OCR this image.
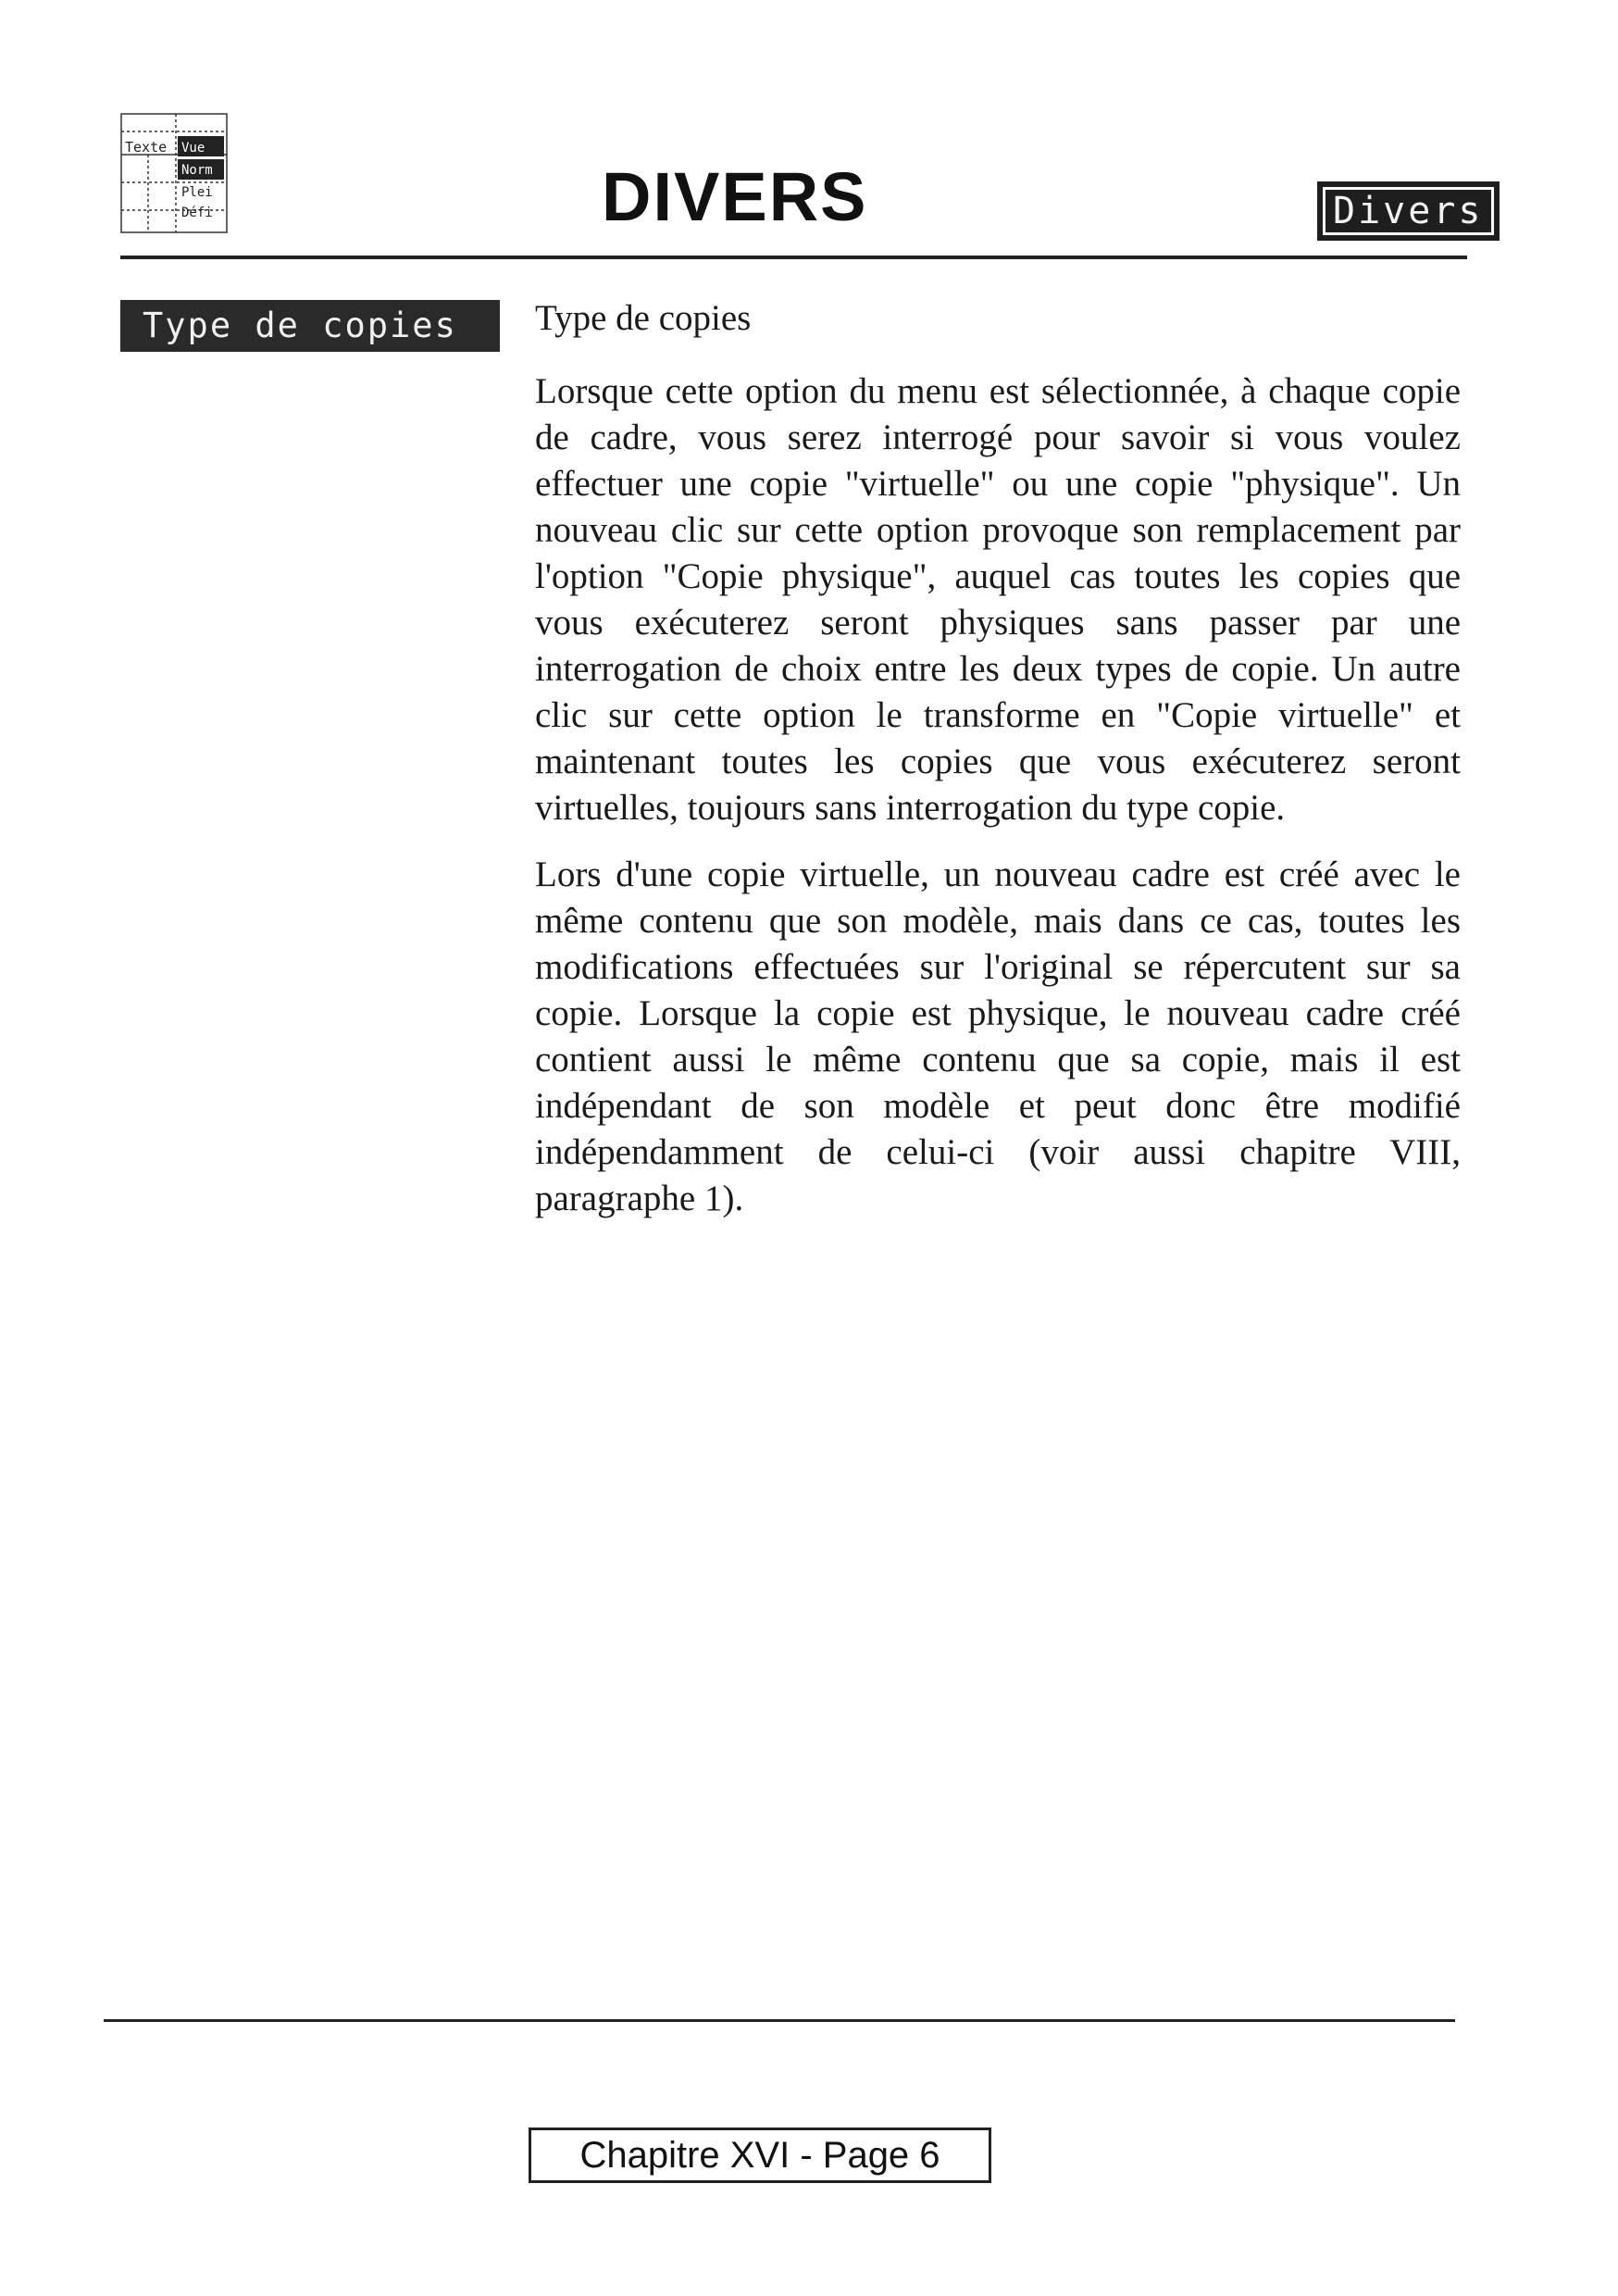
Texte Vue
Norm
Plei
Défi	DIVERS	Divers
Type de copies	Type de copies

Lorsque cette option du menu est sélectionnée, à chaque copie de cadre, vous serez interrogé pour savoir si vous voulez effectuer une copie "virtuelle" ou une copie "physique". Un nouveau clic sur cette option provoque son remplacement par l'option "Copie physique", auquel cas toutes les copies que vous exécuterez seront physiques sans passer par une interrogation de choix entre les deux types de copie. Un autre clic sur cette option le transforme en "Copie virtuelle" et maintenant toutes les copies que vous exécuterez seront virtuelles, toujours sans interrogation du type copie.

Lors d'une copie virtuelle, un nouveau cadre est créé avec le même contenu que son modèle, mais dans ce cas, toutes les modifications effectuées sur l'original se répercutent sur sa copie. Lorsque la copie est physique, le nouveau cadre créé contient aussi le même contenu que sa copie, mais il est indépendant de son modèle et peut donc être modifié indépendamment de celui-ci (voir aussi chapitre VIII, paragraphe 1).

Chapitre XVI - Page 6
